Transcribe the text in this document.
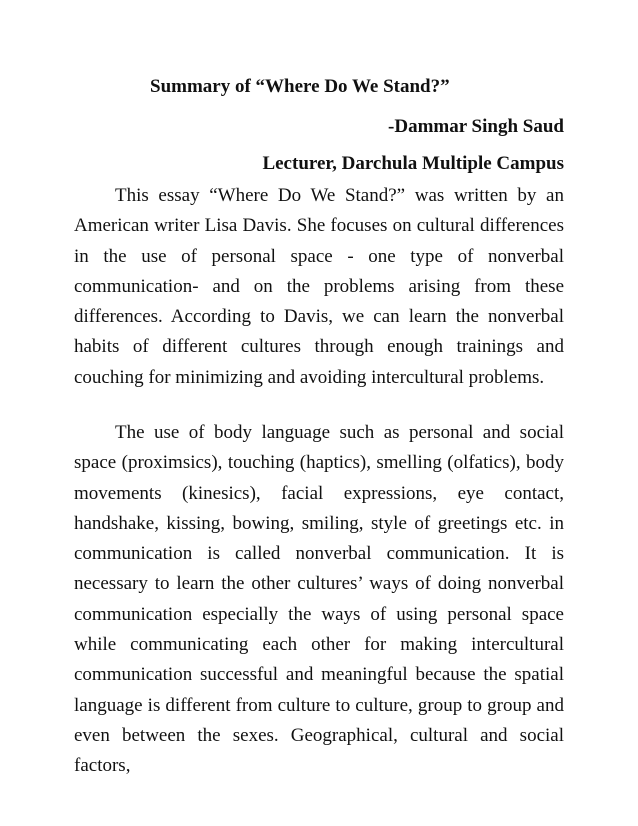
Summary of “Where Do We Stand?”
-Dammar Singh Saud
Lecturer, Darchula Multiple Campus

This essay “Where Do We Stand?” was written by an American writer Lisa Davis. She focuses on cultural differences in the use of personal space - one type of nonverbal communication- and on the problems arising from these differences. According to Davis, we can learn the nonverbal habits of different cultures through enough trainings and couching for minimizing and avoiding intercultural problems.

The use of body language such as personal and social space (proximsics), touching (haptics), smelling (olfatics), body movements (kinesics), facial expressions, eye contact, handshake, kissing, bowing, smiling, style of greetings etc. in communication is called nonverbal communication. It is necessary to learn the other cultures’ ways of doing nonverbal communication especially the ways of using personal space while communicating each other for making intercultural communication successful and meaningful because the spatial language is different from culture to culture, group to group and even between the sexes. Geographical, cultural and social factors,
